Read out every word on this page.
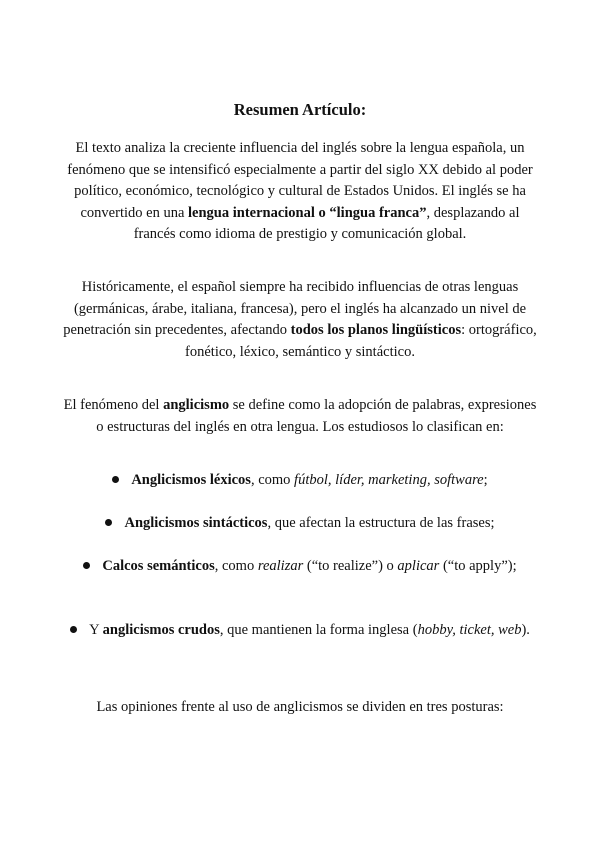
Resumen Artículo:

El texto analiza la creciente influencia del inglés sobre la lengua española, un fenómeno que se intensificó especialmente a partir del siglo XX debido al poder político, económico, tecnológico y cultural de Estados Unidos. El inglés se ha convertido en una lengua internacional o “lingua franca”, desplazando al francés como idioma de prestigio y comunicación global.

Históricamente, el español siempre ha recibido influencias de otras lenguas (germánicas, árabe, italiana, francesa), pero el inglés ha alcanzado un nivel de penetración sin precedentes, afectando todos los planos lingüísticos: ortográfico, fonético, léxico, semántico y sintáctico.

El fenómeno del anglicismo se define como la adopción de palabras, expresiones o estructuras del inglés en otra lengua. Los estudiosos lo clasifican en:

Anglicismos léxicos, como fútbol, líder, marketing, software;
Anglicismos sintácticos, que afectan la estructura de las frases;
Calcos semánticos, como realizar (“to realize”) o aplicar (“to apply”);
Y anglicismos crudos, que mantienen la forma inglesa (hobby, ticket, web).

Las opiniones frente al uso de anglicismos se dividen en tres posturas:
